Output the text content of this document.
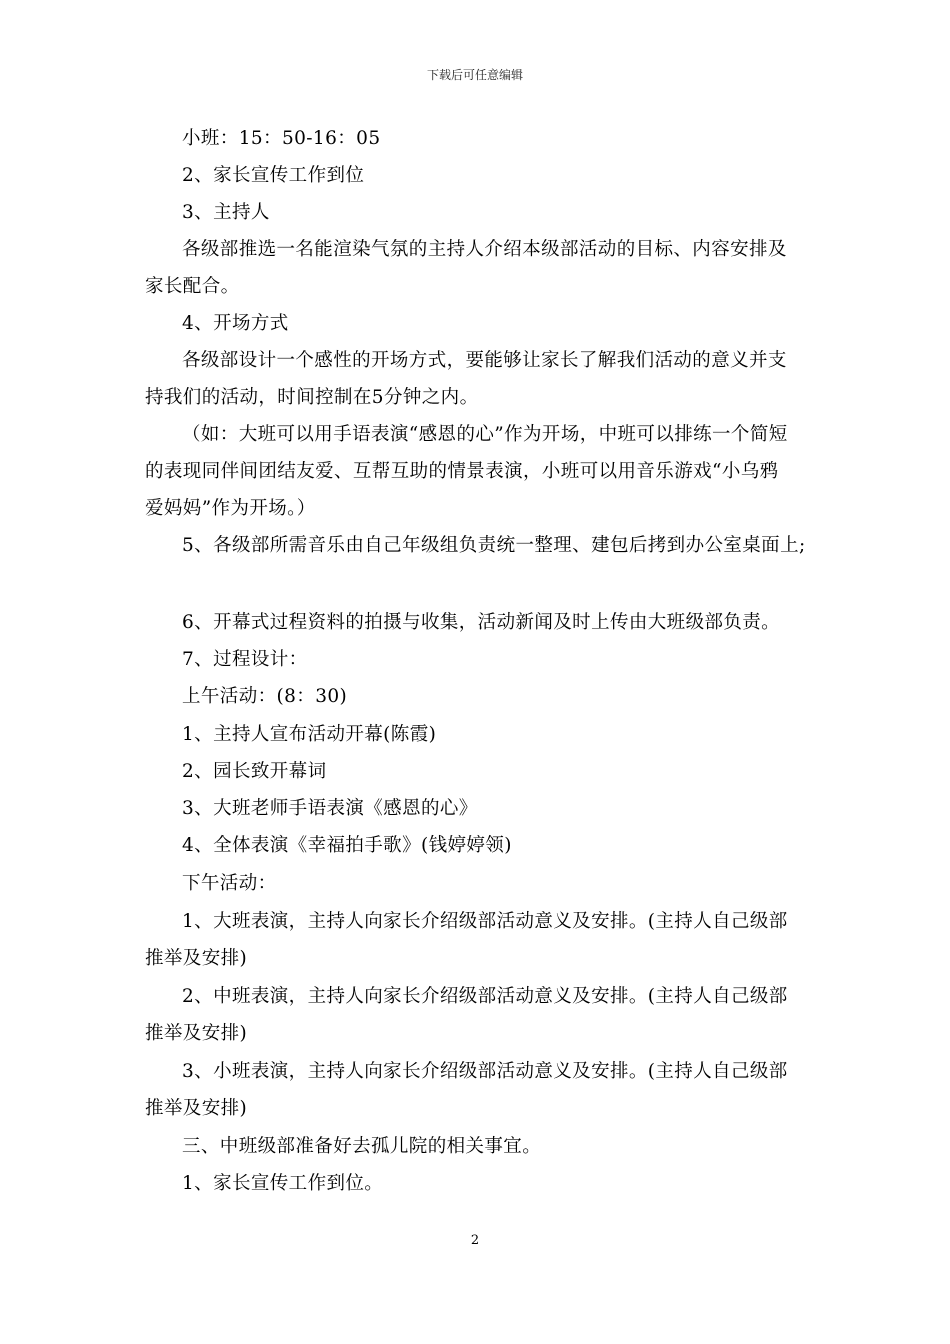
下载后可任意编辑
小班：15：50-16：05
2、家长宣传工作到位
3、主持人
各级部推选一名能渲染气氛的主持人介绍本级部活动的目标、内容安排及
家长配合。
4、开场方式
各级部设计一个感性的开场方式，要能够让家长了解我们活动的意义并支
持我们的活动，时间控制在5分钟之内。
（如：大班可以用手语表演“感恩的心”作为开场，中班可以排练一个简短
的表现同伴间团结友爱、互帮互助的情景表演，小班可以用音乐游戏“小乌鸦
爱妈妈”作为开场。）
5、各级部所需音乐由自己年级组负责统一整理、建包后拷到办公室桌面上;
6、开幕式过程资料的拍摄与收集，活动新闻及时上传由大班级部负责。
7、过程设计：
上午活动：(8：30)
1、主持人宣布活动开幕(陈霞)
2、园长致开幕词
3、大班老师手语表演《感恩的心》
4、全体表演《幸福拍手歌》(钱婷婷领)
下午活动：
1、大班表演，主持人向家长介绍级部活动意义及安排。(主持人自己级部
推举及安排)
2、中班表演，主持人向家长介绍级部活动意义及安排。(主持人自己级部
推举及安排)
3、小班表演，主持人向家长介绍级部活动意义及安排。(主持人自己级部
推举及安排)
三、中班级部准备好去孤儿院的相关事宜。
1、家长宣传工作到位。
2
